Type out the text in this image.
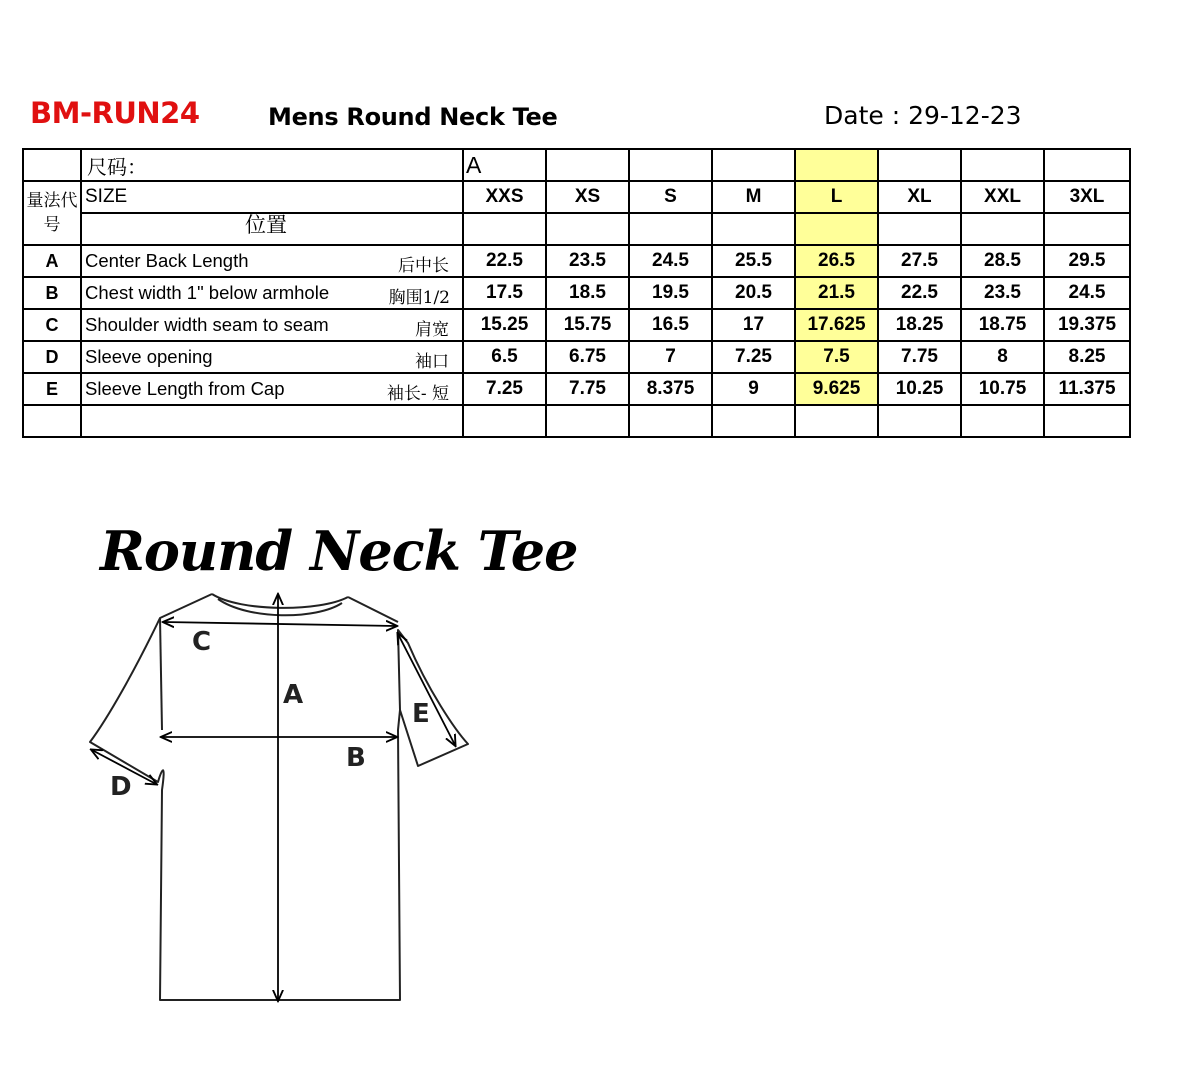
BM-RUN24	Mens Round Neck Tee	Date : 29-12-23
	尺码：	A							
量法代号	SIZE	XXS	XS	S	M	L	XL	XXL	3XL
	位置								
A	Center Back Length 后中长	22.5	23.5	24.5	25.5	26.5	27.5	28.5	29.5
B	Chest width 1" below armhole 胸围1/2	17.5	18.5	19.5	20.5	21.5	22.5	23.5	24.5
C	Shoulder width seam to seam 肩宽	15.25	15.75	16.5	17	17.625	18.25	18.75	19.375
D	Sleeve opening 袖口	6.5	6.75	7	7.25	7.5	7.75	8	8.25
E	Sleeve Length from Cap 袖长- 短	7.25	7.75	8.375	9	9.625	10.25	10.75	11.375

Round Neck Tee
C
A
B
E
D
